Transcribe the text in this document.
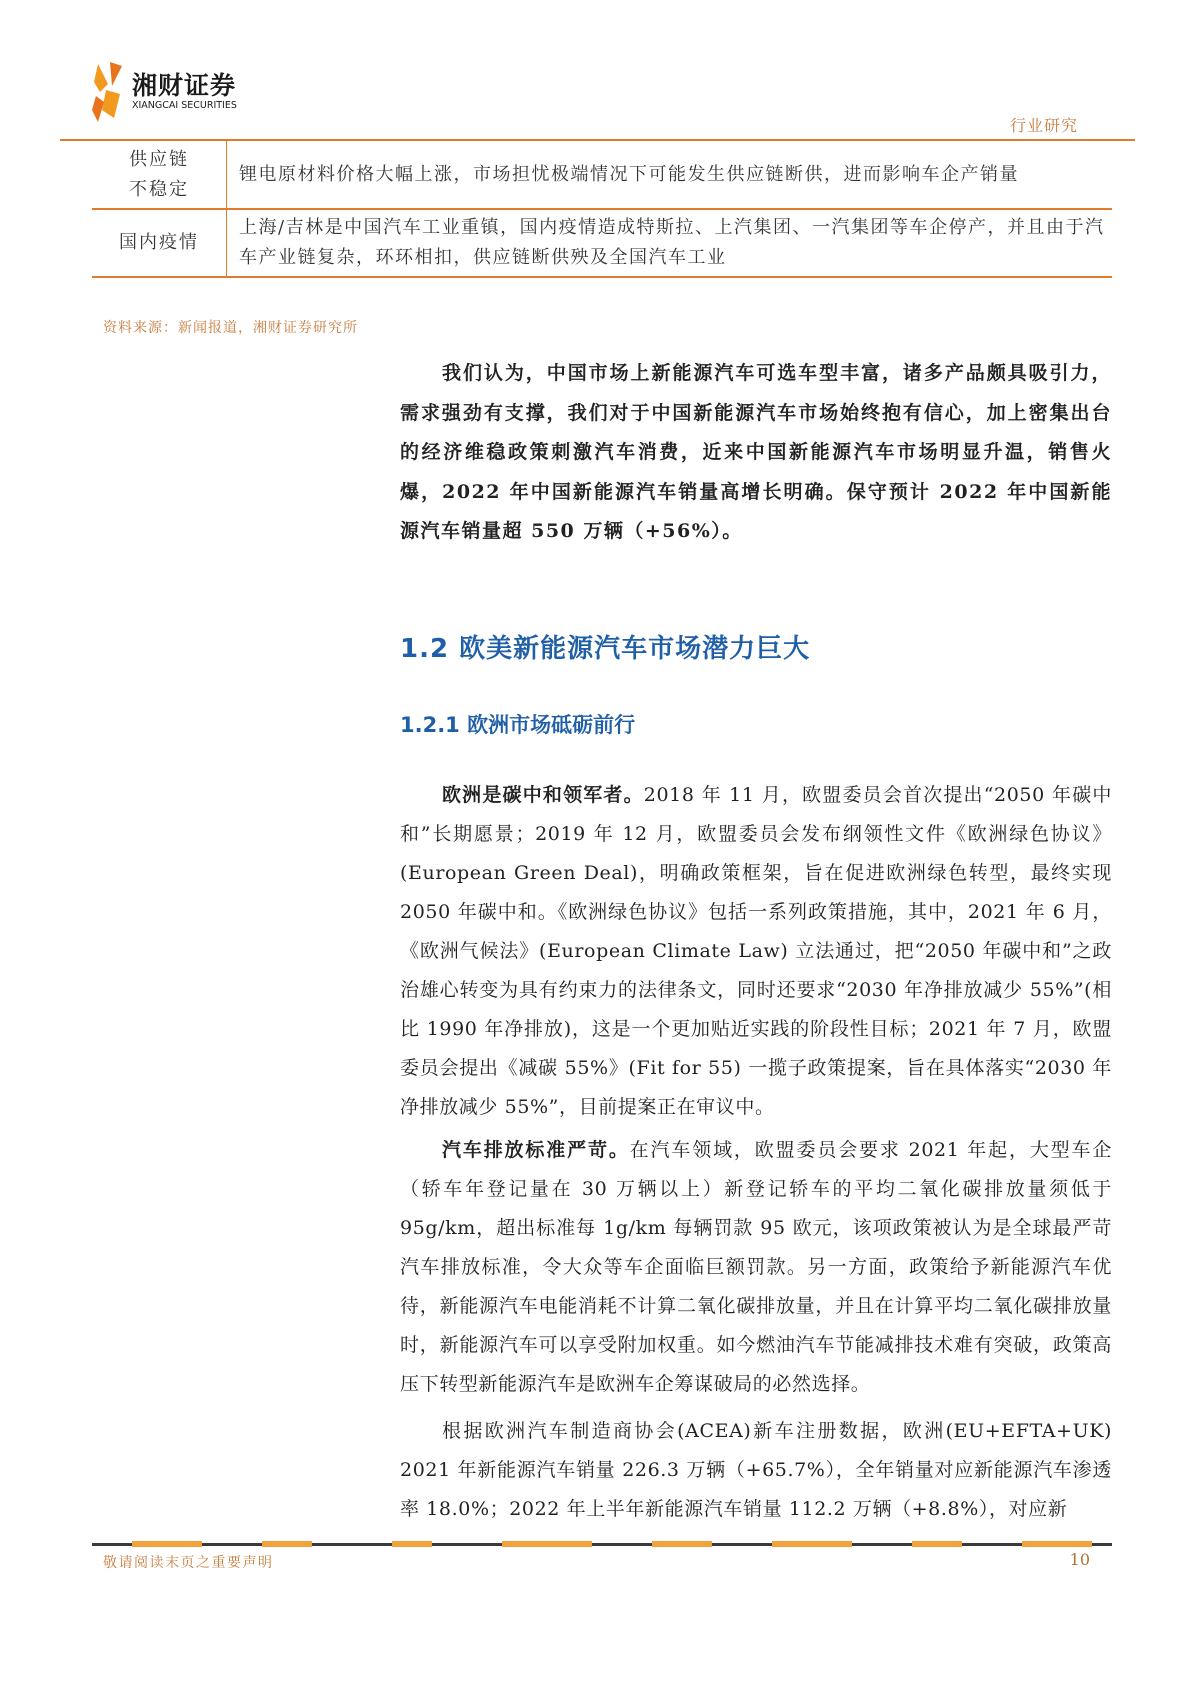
湘财证券
XIANGCAI SECURITIES
行业研究
供应链
不稳定	锂电原材料价格大幅上涨，市场担忧极端情况下可能发生供应链断供，进而影响车企产销量
国内疫情	上海/吉林是中国汽车工业重镇，国内疫情造成特斯拉、上汽集团、一汽集团等车企停产，并且由于汽车产业链复杂，环环相扣，供应链断供殃及全国汽车工业
资料来源：新闻报道，湘财证券研究所
我们认为，中国市场上新能源汽车可选车型丰富，诸多产品颇具吸引力，需求强劲有支撑，我们对于中国新能源汽车市场始终抱有信心，加上密集出台的经济维稳政策刺激汽车消费，近来中国新能源汽车市场明显升温，销售火爆，2022 年中国新能源汽车销量高增长明确。保守预计 2022 年中国新能源汽车销量超 550 万辆（+56%）。
1.2 欧美新能源汽车市场潜力巨大
1.2.1 欧洲市场砥砺前行
欧洲是碳中和领军者。2018 年 11 月，欧盟委员会首次提出“2050 年碳中和”长期愿景；2019 年 12 月，欧盟委员会发布纲领性文件《欧洲绿色协议》(European Green Deal)，明确政策框架，旨在促进欧洲绿色转型，最终实现 2050 年碳中和。《欧洲绿色协议》包括一系列政策措施，其中，2021 年 6 月，《欧洲气候法》(European Climate Law) 立法通过，把“2050 年碳中和”之政治雄心转变为具有约束力的法律条文，同时还要求“2030 年净排放减少 55%”(相比 1990 年净排放)，这是一个更加贴近实践的阶段性目标；2021 年 7 月，欧盟委员会提出《减碳 55%》(Fit for 55) 一揽子政策提案，旨在具体落实“2030 年净排放减少 55%”，目前提案正在审议中。
汽车排放标准严苛。在汽车领域，欧盟委员会要求 2021 年起，大型车企（轿车年登记量在 30 万辆以上）新登记轿车的平均二氧化碳排放量须低于 95g/km，超出标准每 1g/km 每辆罚款 95 欧元，该项政策被认为是全球最严苛汽车排放标准，令大众等车企面临巨额罚款。另一方面，政策给予新能源汽车优待，新能源汽车电能消耗不计算二氧化碳排放量，并且在计算平均二氧化碳排放量时，新能源汽车可以享受附加权重。如今燃油汽车节能减排技术难有突破，政策高压下转型新能源汽车是欧洲车企筹谋破局的必然选择。
根据欧洲汽车制造商协会(ACEA)新车注册数据，欧洲(EU+EFTA+UK) 2021 年新能源汽车销量 226.3 万辆（+65.7%），全年销量对应新能源汽车渗透率 18.0%；2022 年上半年新能源汽车销量 112.2 万辆（+8.8%），对应新
敬请阅读末页之重要声明	10
